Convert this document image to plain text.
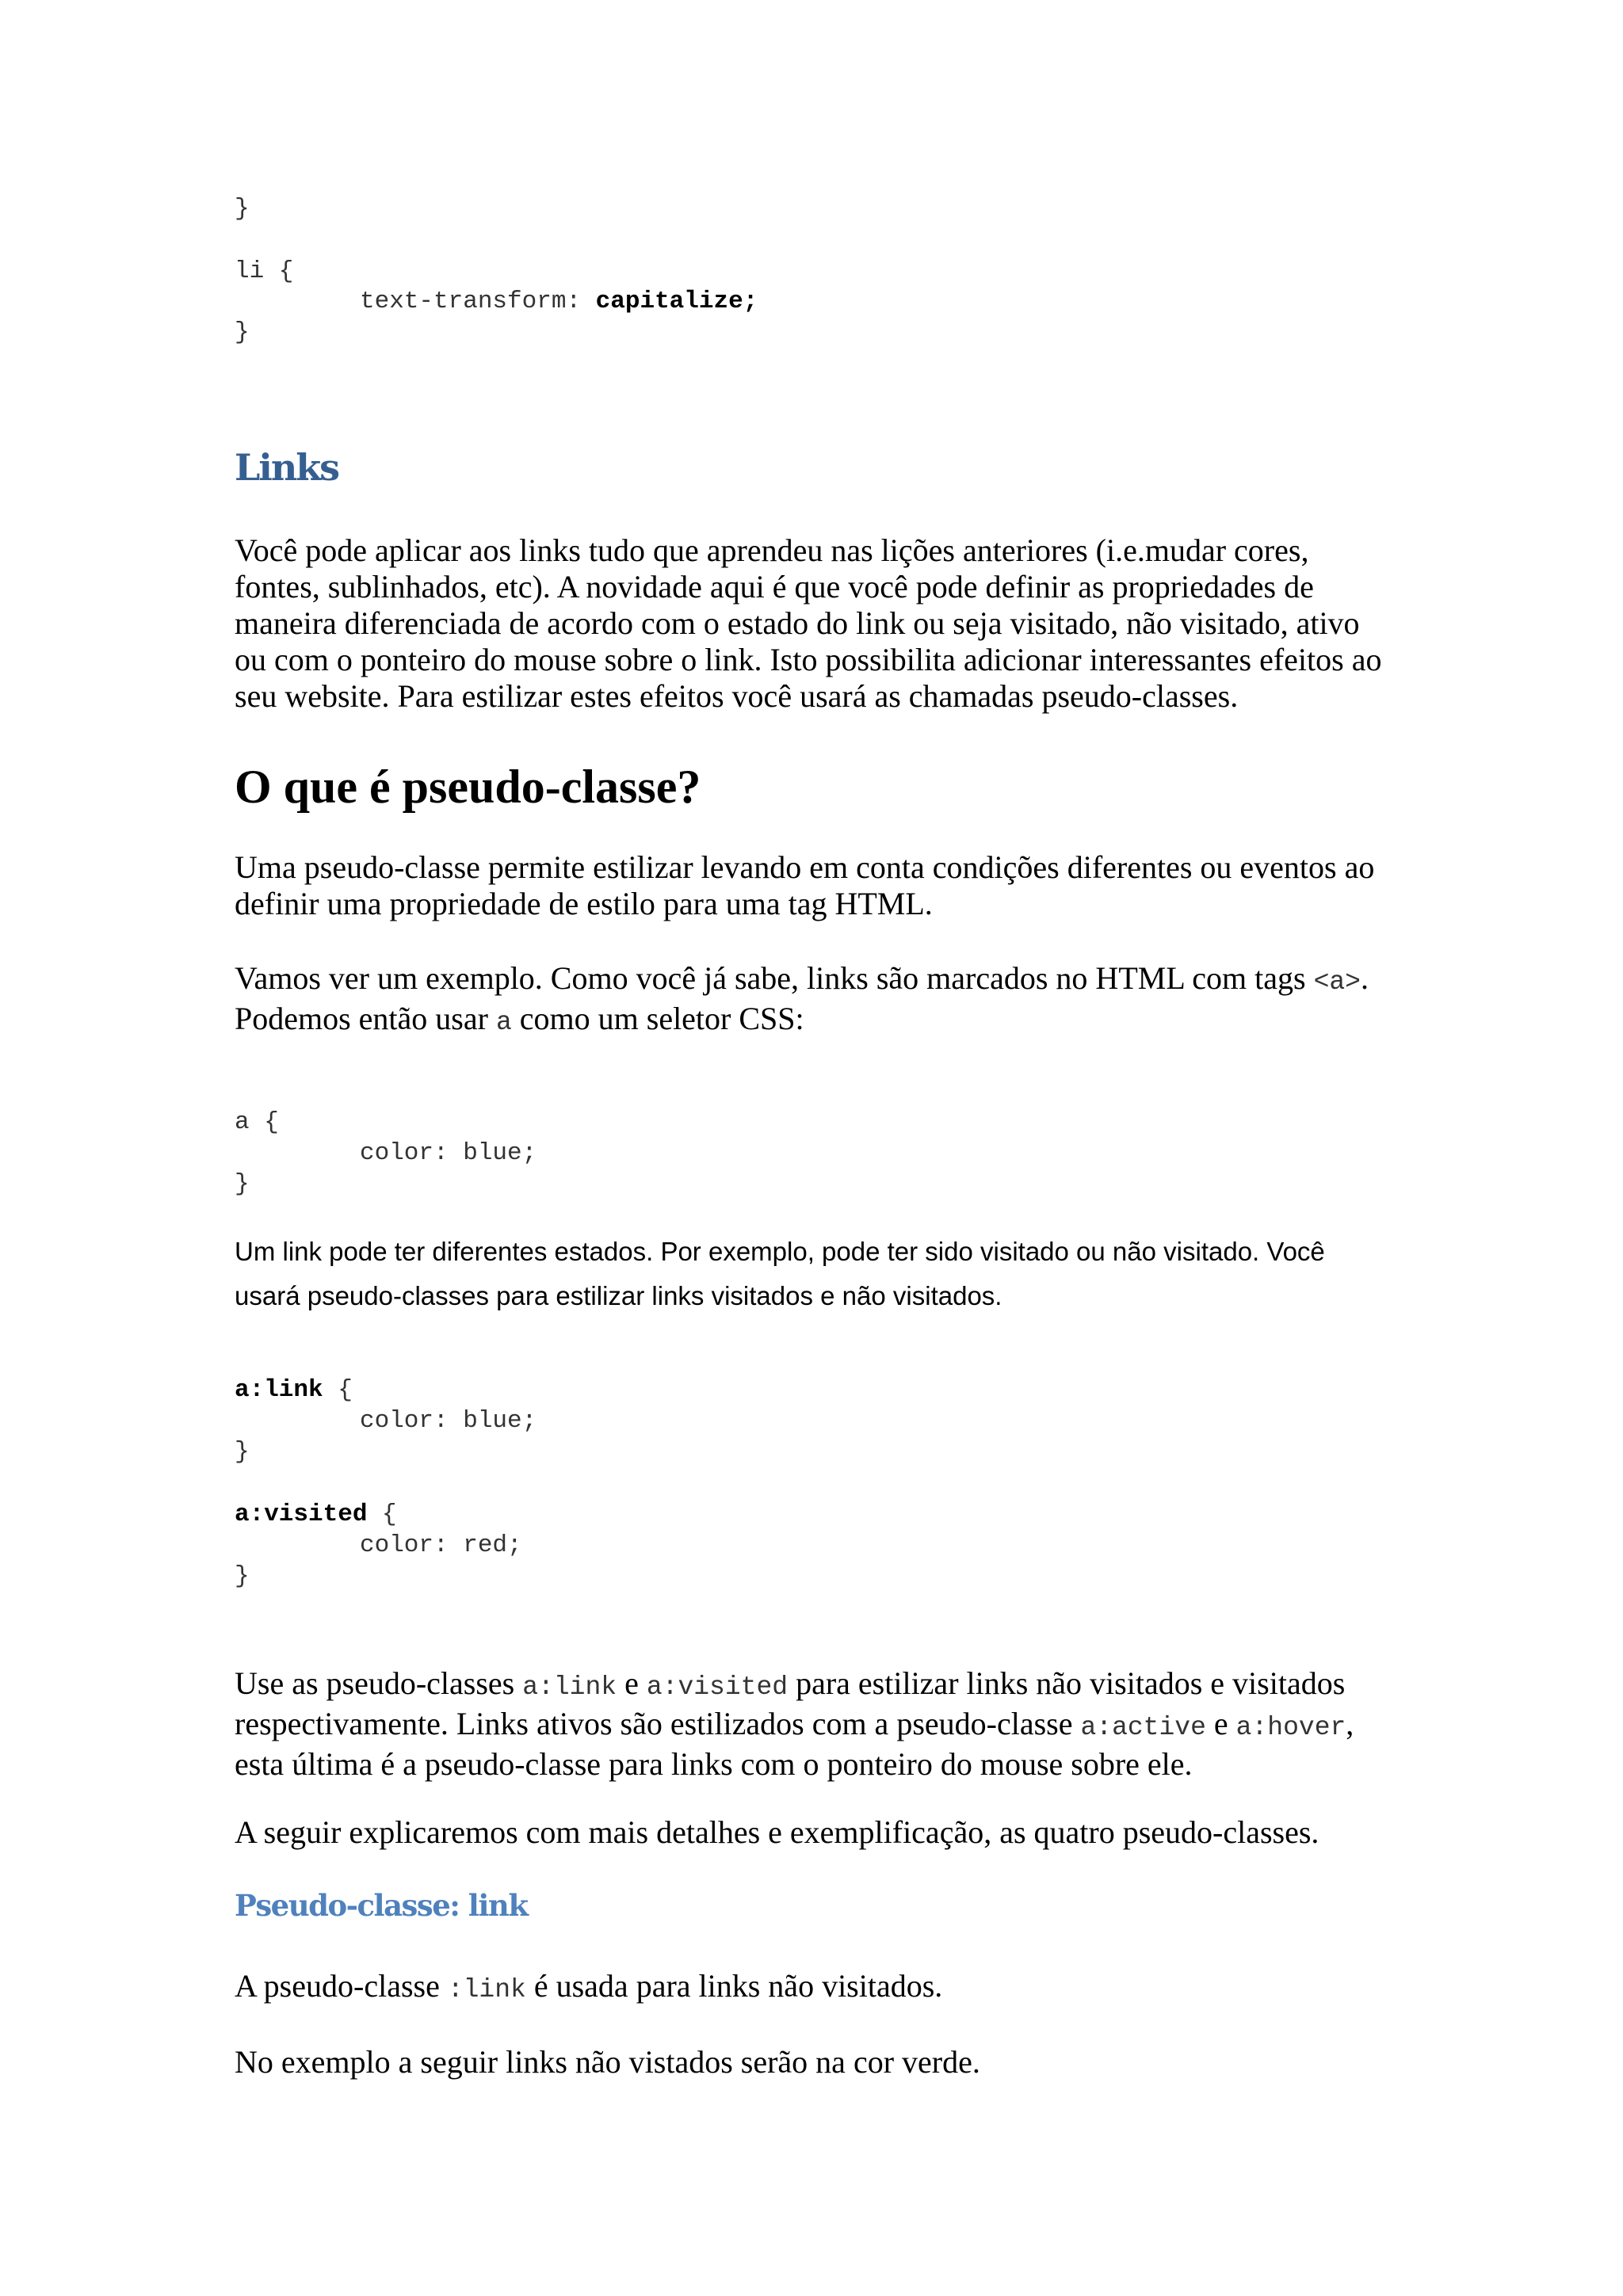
}
li {
text-transform: capitalize;
}
Links
Você pode aplicar aos links tudo que aprendeu nas lições anteriores (i.e.mudar cores, fontes, sublinhados, etc). A novidade aqui é que você pode definir as propriedades de maneira diferenciada de acordo com o estado do link ou seja visitado, não visitado, ativo ou com o ponteiro do mouse sobre o link. Isto possibilita adicionar interessantes efeitos ao seu website. Para estilizar estes efeitos você usará as chamadas pseudo-classes.
O que é pseudo-classe?
Uma pseudo-classe permite estilizar levando em conta condições diferentes ou eventos ao definir uma propriedade de estilo para uma tag HTML.
Vamos ver um exemplo. Como você já sabe, links são marcados no HTML com tags <a>. Podemos então usar a como um seletor CSS:
a {
color: blue;
}
Um link pode ter diferentes estados. Por exemplo, pode ter sido visitado ou não visitado. Você usará pseudo-classes para estilizar links visitados e não visitados.
a:link {
color: blue;
}
a:visited {
color: red;
}
Use as pseudo-classes a:link e a:visited para estilizar links não visitados e visitados respectivamente. Links ativos são estilizados com a pseudo-classe a:active e a:hover, esta última é a pseudo-classe para links com o ponteiro do mouse sobre ele.
A seguir explicaremos com mais detalhes e exemplificação, as quatro pseudo-classes.
Pseudo-classe: link
A pseudo-classe :link é usada para links não visitados.
No exemplo a seguir links não vistados serão na cor verde.
